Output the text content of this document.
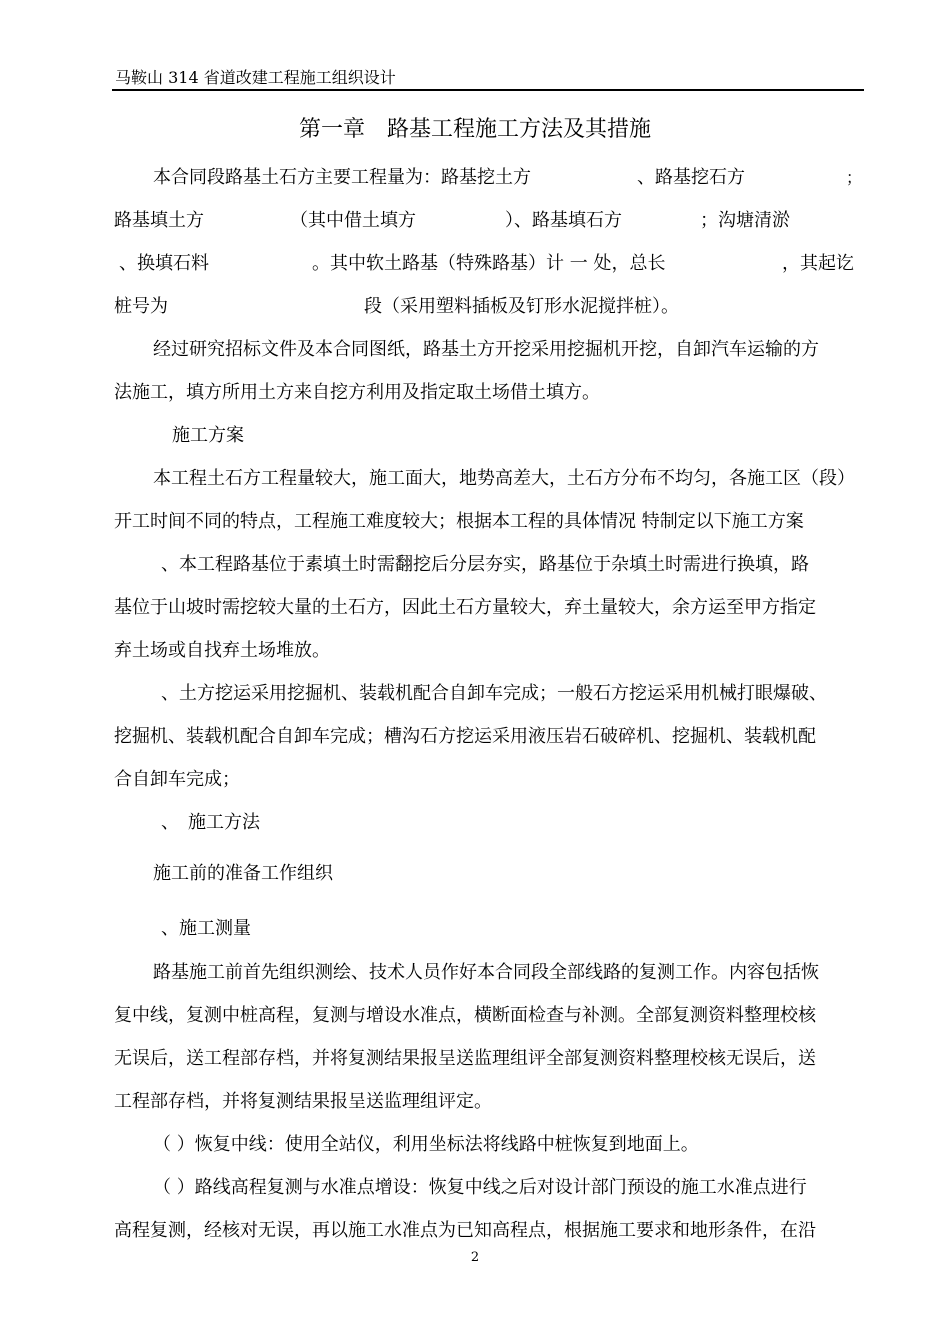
马鞍山 314 省道改建工程施工组织设计
第一章　路基工程施工方法及其措施
本合同段路基土石方主要工程量为：路基挖土方	、路基挖石方	；
路基填土方	（其中借土填方	）、路基填石方	；沟塘清淤
、换填石料	。其中软土路基（特殊路基）计 一 处，总长	，其起讫
桩号为	段（采用塑料插板及钉形水泥搅拌桩）。
经过研究招标文件及本合同图纸，路基土方开挖采用挖掘机开挖，自卸汽车运输的方
法施工，填方所用土方来自挖方利用及指定取土场借土填方。
施工方案
本工程土石方工程量较大，施工面大，地势高差大，土石方分布不均匀，各施工区（段）
开工时间不同的特点，工程施工难度较大；根据本工程的具体情况 特制定以下施工方案
、本工程路基位于素填土时需翻挖后分层夯实，路基位于杂填土时需进行换填，路
基位于山坡时需挖较大量的土石方，因此土石方量较大，弃土量较大，余方运至甲方指定
弃土场或自找弃土场堆放。
、土方挖运采用挖掘机、装载机配合自卸车完成；一般石方挖运采用机械打眼爆破、
挖掘机、装载机配合自卸车完成；槽沟石方挖运采用液压岩石破碎机、挖掘机、装载机配
合自卸车完成；
、　施工方法
施工前的准备工作组织
、施工测量
路基施工前首先组织测绘、技术人员作好本合同段全部线路的复测工作。内容包括恢
复中线，复测中桩高程，复测与增设水准点，横断面检查与补测。全部复测资料整理校核
无误后，送工程部存档，并将复测结果报呈送监理组评全部复测资料整理校核无误后，送
工程部存档，并将复测结果报呈送监理组评定。
（ ）恢复中线：使用全站仪，利用坐标法将线路中桩恢复到地面上。
（ ）路线高程复测与水准点增设：恢复中线之后对设计部门预设的施工水准点进行
高程复测，经核对无误，再以施工水准点为已知高程点，根据施工要求和地形条件，在沿
2
